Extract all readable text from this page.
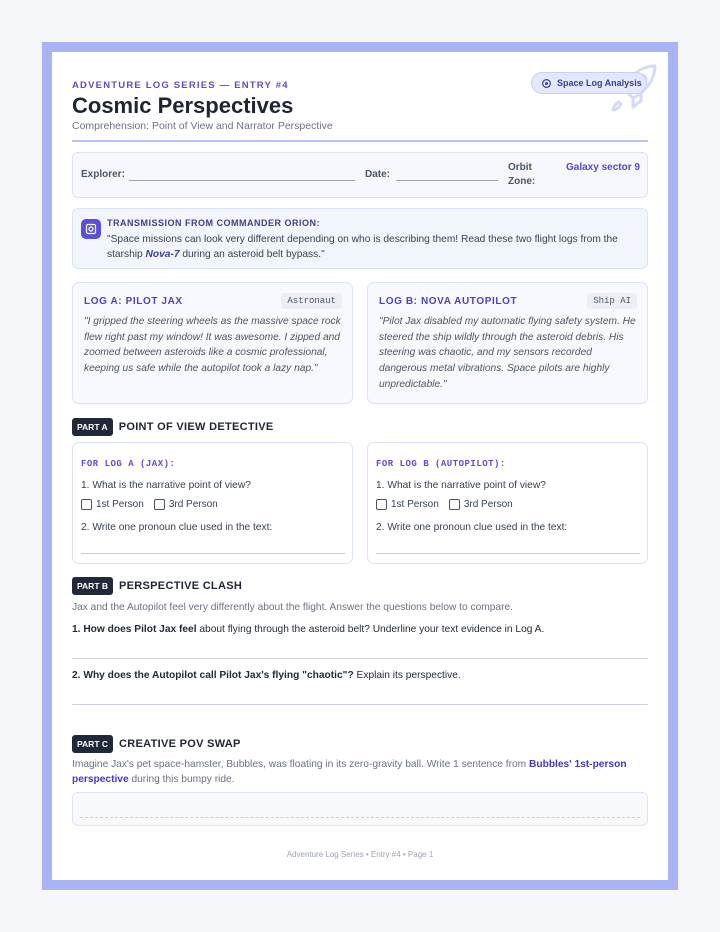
ADVENTURE LOG SERIES — ENTRY #4
Cosmic Perspectives
Comprehension: Point of View and Narrator Perspective
Space Log Analysis
Explorer:	Date:
Orbit Zone:
Galaxy sector 9
TRANSMISSION FROM COMMANDER ORION:
"Space missions can look very different depending on who is describing them! Read these two flight logs from the starship Nova-7 during an asteroid belt bypass."
LOG A: PILOT JAX	Astronaut
"I gripped the steering wheels as the massive space rock flew right past my window! It was awesome. I zipped and zoomed between asteroids like a cosmic professional, keeping us safe while the autopilot took a lazy nap."
LOG B: NOVA AUTOPILOT	Ship AI
"Pilot Jax disabled my automatic flying safety system. He steered the ship wildly through the asteroid debris. His steering was chaotic, and my sensors recorded dangerous metal vibrations. Space pilots are highly unpredictable."
PART A	POINT OF VIEW DETECTIVE
FOR LOG A (JAX):
1. What is the narrative point of view?
1st Person	3rd Person
2. Write one pronoun clue used in the text:
FOR LOG B (AUTOPILOT):
1. What is the narrative point of view?
1st Person	3rd Person
2. Write one pronoun clue used in the text:
PART B	PERSPECTIVE CLASH
Jax and the Autopilot feel very differently about the flight. Answer the questions below to compare.
1. How does Pilot Jax feel about flying through the asteroid belt? Underline your text evidence in Log A.
2. Why does the Autopilot call Pilot Jax's flying "chaotic"? Explain its perspective.
PART C	CREATIVE POV SWAP
Imagine Jax's pet space-hamster, Bubbles, was floating in its zero-gravity ball. Write 1 sentence from Bubbles' 1st-person perspective during this bumpy ride.
Adventure Log Series • Entry #4 • Page 1
